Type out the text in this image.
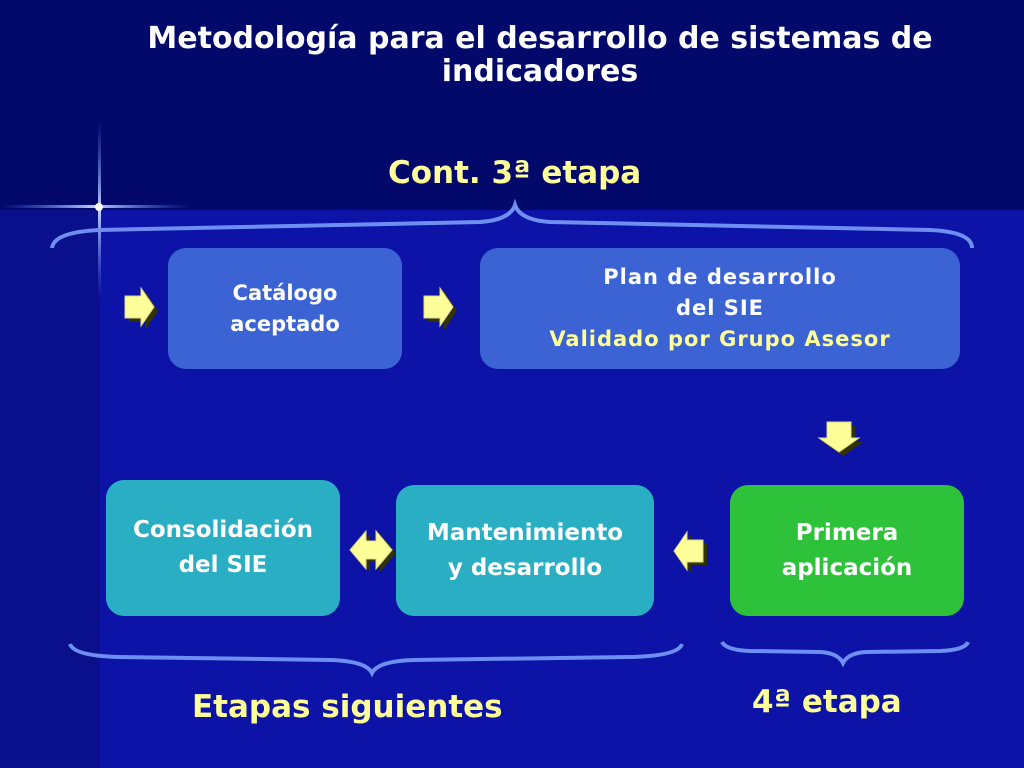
Metodología para el desarrollo de sistemas de
indicadores
Cont. 3ª etapa
Catálogo
aceptado
Plan de desarrollo
del SIE
Validado por Grupo Asesor
Primera
aplicación
Mantenimiento
y desarrollo
Consolidación
del SIE
Etapas siguientes	4ª etapa
